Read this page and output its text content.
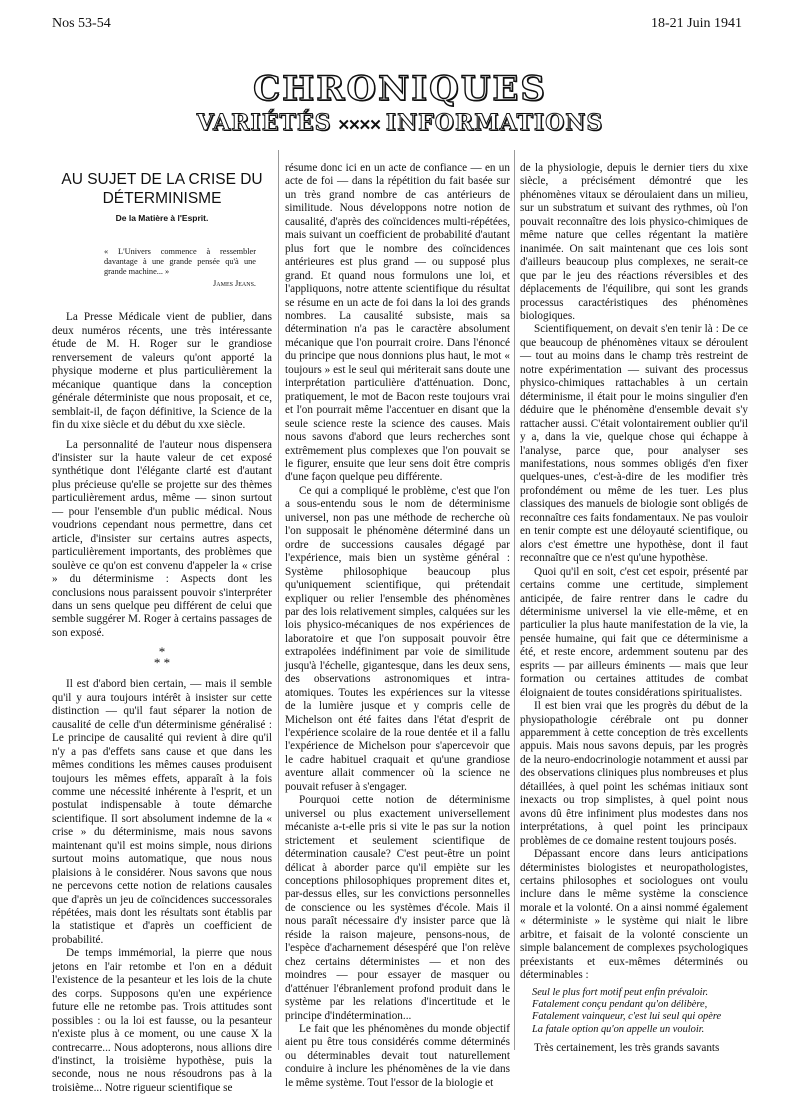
Nos 53-54	18-21 Juin 1941
CHRONIQUES
VARIÉTÉS ✕✕✕✕ INFORMATIONS
AU SUJET DE LA CRISE DU DÉTERMINISME
De la Matière à l'Esprit.
« L'Univers commence à ressembler davantage à une grande pensée qu'à une grande machine... »
James Jeans.

La Presse Médicale vient de publier, dans deux numéros récents, une très intéressante étude de M. H. Roger sur le grandiose renversement de valeurs qu'ont apporté la physique moderne et plus particulièrement la mécanique quantique dans la conception générale déterministe que nous proposait, et ce, semblait-il, de façon définitive, la Science de la fin du xixe siècle et du début du xxe siècle.

La personnalité de l'auteur nous dispensera d'insister sur la haute valeur de cet exposé synthétique dont l'élégante clarté est d'autant plus précieuse qu'elle se projette sur des thèmes particulièrement ardus, même — sinon surtout — pour l'ensemble d'un public médical. Nous voudrions cependant nous permettre, dans cet article, d'insister sur certains autres aspects, particulièrement importants, des problèmes que soulève ce qu'on est convenu d'appeler la « crise » du déterminisme : Aspects dont les conclusions nous paraissent pouvoir s'interpréter dans un sens quelque peu différent de celui que semble suggérer M. Roger à certains passages de son exposé.

*
* *

Il est d'abord bien certain, — mais il semble qu'il y aura toujours intérêt à insister sur cette distinction — qu'il faut séparer la notion de causalité de celle d'un déterminisme généralisé : Le principe de causalité qui revient à dire qu'il n'y a pas d'effets sans cause et que dans les mêmes conditions les mêmes causes produisent toujours les mêmes effets, apparaît à la fois comme une nécessité inhérente à l'esprit, et un postulat indispensable à toute démarche scientifique. Il sort absolument indemne de la « crise » du déterminisme, mais nous savons maintenant qu'il est moins simple, nous dirions surtout moins automatique, que nous nous plaisions à le considérer. Nous savons que nous ne percevons cette notion de relations causales que d'après un jeu de coïncidences successorales répétées, mais dont les résultats sont établis par la statistique et d'après un coefficient de probabilité.

De temps immémorial, la pierre que nous jetons en l'air retombe et l'on en a déduit l'existence de la pesanteur et les lois de la chute des corps. Supposons qu'en une expérience future elle ne retombe pas. Trois attitudes sont possibles : ou la loi est fausse, ou la pesanteur n'existe plus à ce moment, ou une cause X la contrecarre... Nous adopterons, nous allions dire d'instinct, la troisième hypothèse, puis la seconde, nous ne nous résoudrons pas à la troisième... Notre rigueur scientifique se

résume donc ici en un acte de confiance — en un acte de foi — dans la répétition du fait basée sur un très grand nombre de cas antérieurs de similitude. Nous développons notre notion de causalité, d'après des coïncidences multi-répétées, mais suivant un coefficient de probabilité d'autant plus fort que le nombre des coïncidences antérieures est plus grand — ou supposé plus grand. Et quand nous formulons une loi, et l'appliquons, notre attente scientifique du résultat se résume en un acte de foi dans la loi des grands nombres. La causalité subsiste, mais sa détermination n'a pas le caractère absolument mécanique que l'on pourrait croire. Dans l'énoncé du principe que nous donnions plus haut, le mot « toujours » est le seul qui mériterait sans doute une interprétation particulière d'atténuation. Donc, pratiquement, le mot de Bacon reste toujours vrai et l'on pourrait même l'accentuer en disant que la seule science reste la science des causes. Mais nous savons d'abord que leurs recherches sont extrêmement plus complexes que l'on pouvait se le figurer, ensuite que leur sens doit être compris d'une façon quelque peu différente.

Ce qui a compliqué le problème, c'est que l'on a sous-entendu sous le nom de déterminisme universel, non pas une méthode de recherche où l'on supposait le phénomène déterminé dans un ordre de successions causales dégagé par l'expérience, mais bien un système général : Système philosophique beaucoup plus qu'uniquement scientifique, qui prétendait expliquer ou relier l'ensemble des phénomènes par des lois relativement simples, calquées sur les lois physico-mécaniques de nos expériences de laboratoire et que l'on supposait pouvoir être extrapolées indéfiniment par voie de similitude jusqu'à l'échelle, gigantesque, dans les deux sens, des observations astronomiques et intra-atomiques. Toutes les expériences sur la vitesse de la lumière jusque et y compris celle de Michelson ont été faites dans l'état d'esprit de l'expérience scolaire de la roue dentée et il a fallu l'expérience de Michelson pour s'apercevoir que le cadre habituel craquait et qu'une grandiose aventure allait commencer où la science ne pouvait refuser à s'engager.

Pourquoi cette notion de déterminisme universel ou plus exactement universellement mécaniste a-t-elle pris si vite le pas sur la notion strictement et seulement scientifique de détermination causale? C'est peut-être un point délicat à aborder parce qu'il empiète sur les conceptions philosophiques proprement dites et, par-dessus elles, sur les convictions personnelles de conscience ou les systèmes d'école. Mais il nous paraît nécessaire d'y insister parce que là réside la raison majeure, pensons-nous, de l'espèce d'acharnement désespéré que l'on relève chez certains déterministes — et non des moindres — pour essayer de masquer ou d'atténuer l'ébranlement profond produit dans le système par les relations d'incertitude et le principe d'indétermination...

Le fait que les phénomènes du monde objectif aient pu être tous considérés comme déterminés ou déterminables devait tout naturellement conduire à inclure les phénomènes de la vie dans le même système. Tout l'essor de la biologie et

de la physiologie, depuis le dernier tiers du xixe siècle, a précisément démontré que les phénomènes vitaux se déroulaient dans un milieu, sur un substratum et suivant des rythmes, où l'on pouvait reconnaître des lois physico-chimiques de même nature que celles régentant la matière inanimée. On sait maintenant que ces lois sont d'ailleurs beaucoup plus complexes, ne serait-ce que par le jeu des réactions réversibles et des déplacements de l'équilibre, qui sont les grands processus caractéristiques des phénomènes biologiques.

Scientifiquement, on devait s'en tenir là : De ce que beaucoup de phénomènes vitaux se déroulent — tout au moins dans le champ très restreint de notre expérimentation — suivant des processus physico-chimiques rattachables à un certain déterminisme, il était pour le moins singulier d'en déduire que le phénomène d'ensemble devait s'y rattacher aussi. C'était volontairement oublier qu'il y a, dans la vie, quelque chose qui échappe à l'analyse, parce que, pour analyser ses manifestations, nous sommes obligés d'en fixer quelques-unes, c'est-à-dire de les modifier très profondément ou même de les tuer. Les plus classiques des manuels de biologie sont obligés de reconnaître ces faits fondamentaux. Ne pas vouloir en tenir compte est une déloyauté scientifique, ou alors c'est émettre une hypothèse, dont il faut reconnaître que ce n'est qu'une hypothèse.

Quoi qu'il en soit, c'est cet espoir, présenté par certains comme une certitude, simplement anticipée, de faire rentrer dans le cadre du déterminisme universel la vie elle-même, et en particulier la plus haute manifestation de la vie, la pensée humaine, qui fait que ce déterminisme a été, et reste encore, ardemment soutenu par des esprits — par ailleurs éminents — mais que leur formation ou certaines attitudes de combat éloignaient de toutes considérations spiritualistes.

Il est bien vrai que les progrès du début de la physiopathologie cérébrale ont pu donner apparemment à cette conception de très excellents appuis. Mais nous savons depuis, par les progrès de la neuro-endocrinologie notamment et aussi par des observations cliniques plus nombreuses et plus détaillées, à quel point les schémas initiaux sont inexacts ou trop simplistes, à quel point nous avons dû être infiniment plus modestes dans nos interprétations, à quel point les principaux problèmes de ce domaine restent toujours posés.

Dépassant encore dans leurs anticipations déterministes biologistes et neuropathologistes, certains philosophes et sociologues ont voulu inclure dans le même système la conscience morale et la volonté. On a ainsi nommé également « déterministe » le système qui niait le libre arbitre, et faisait de la volonté consciente un simple balancement de complexes psychologiques préexistants et eux-mêmes déterminés ou déterminables :

Seul le plus fort motif peut enfin prévaloir.
Fatalement conçu pendant qu'on délibère,
Fatalement vainqueur, c'est lui seul qui opère
La fatale option qu'on appelle un vouloir.

Très certainement, les très grands savants
